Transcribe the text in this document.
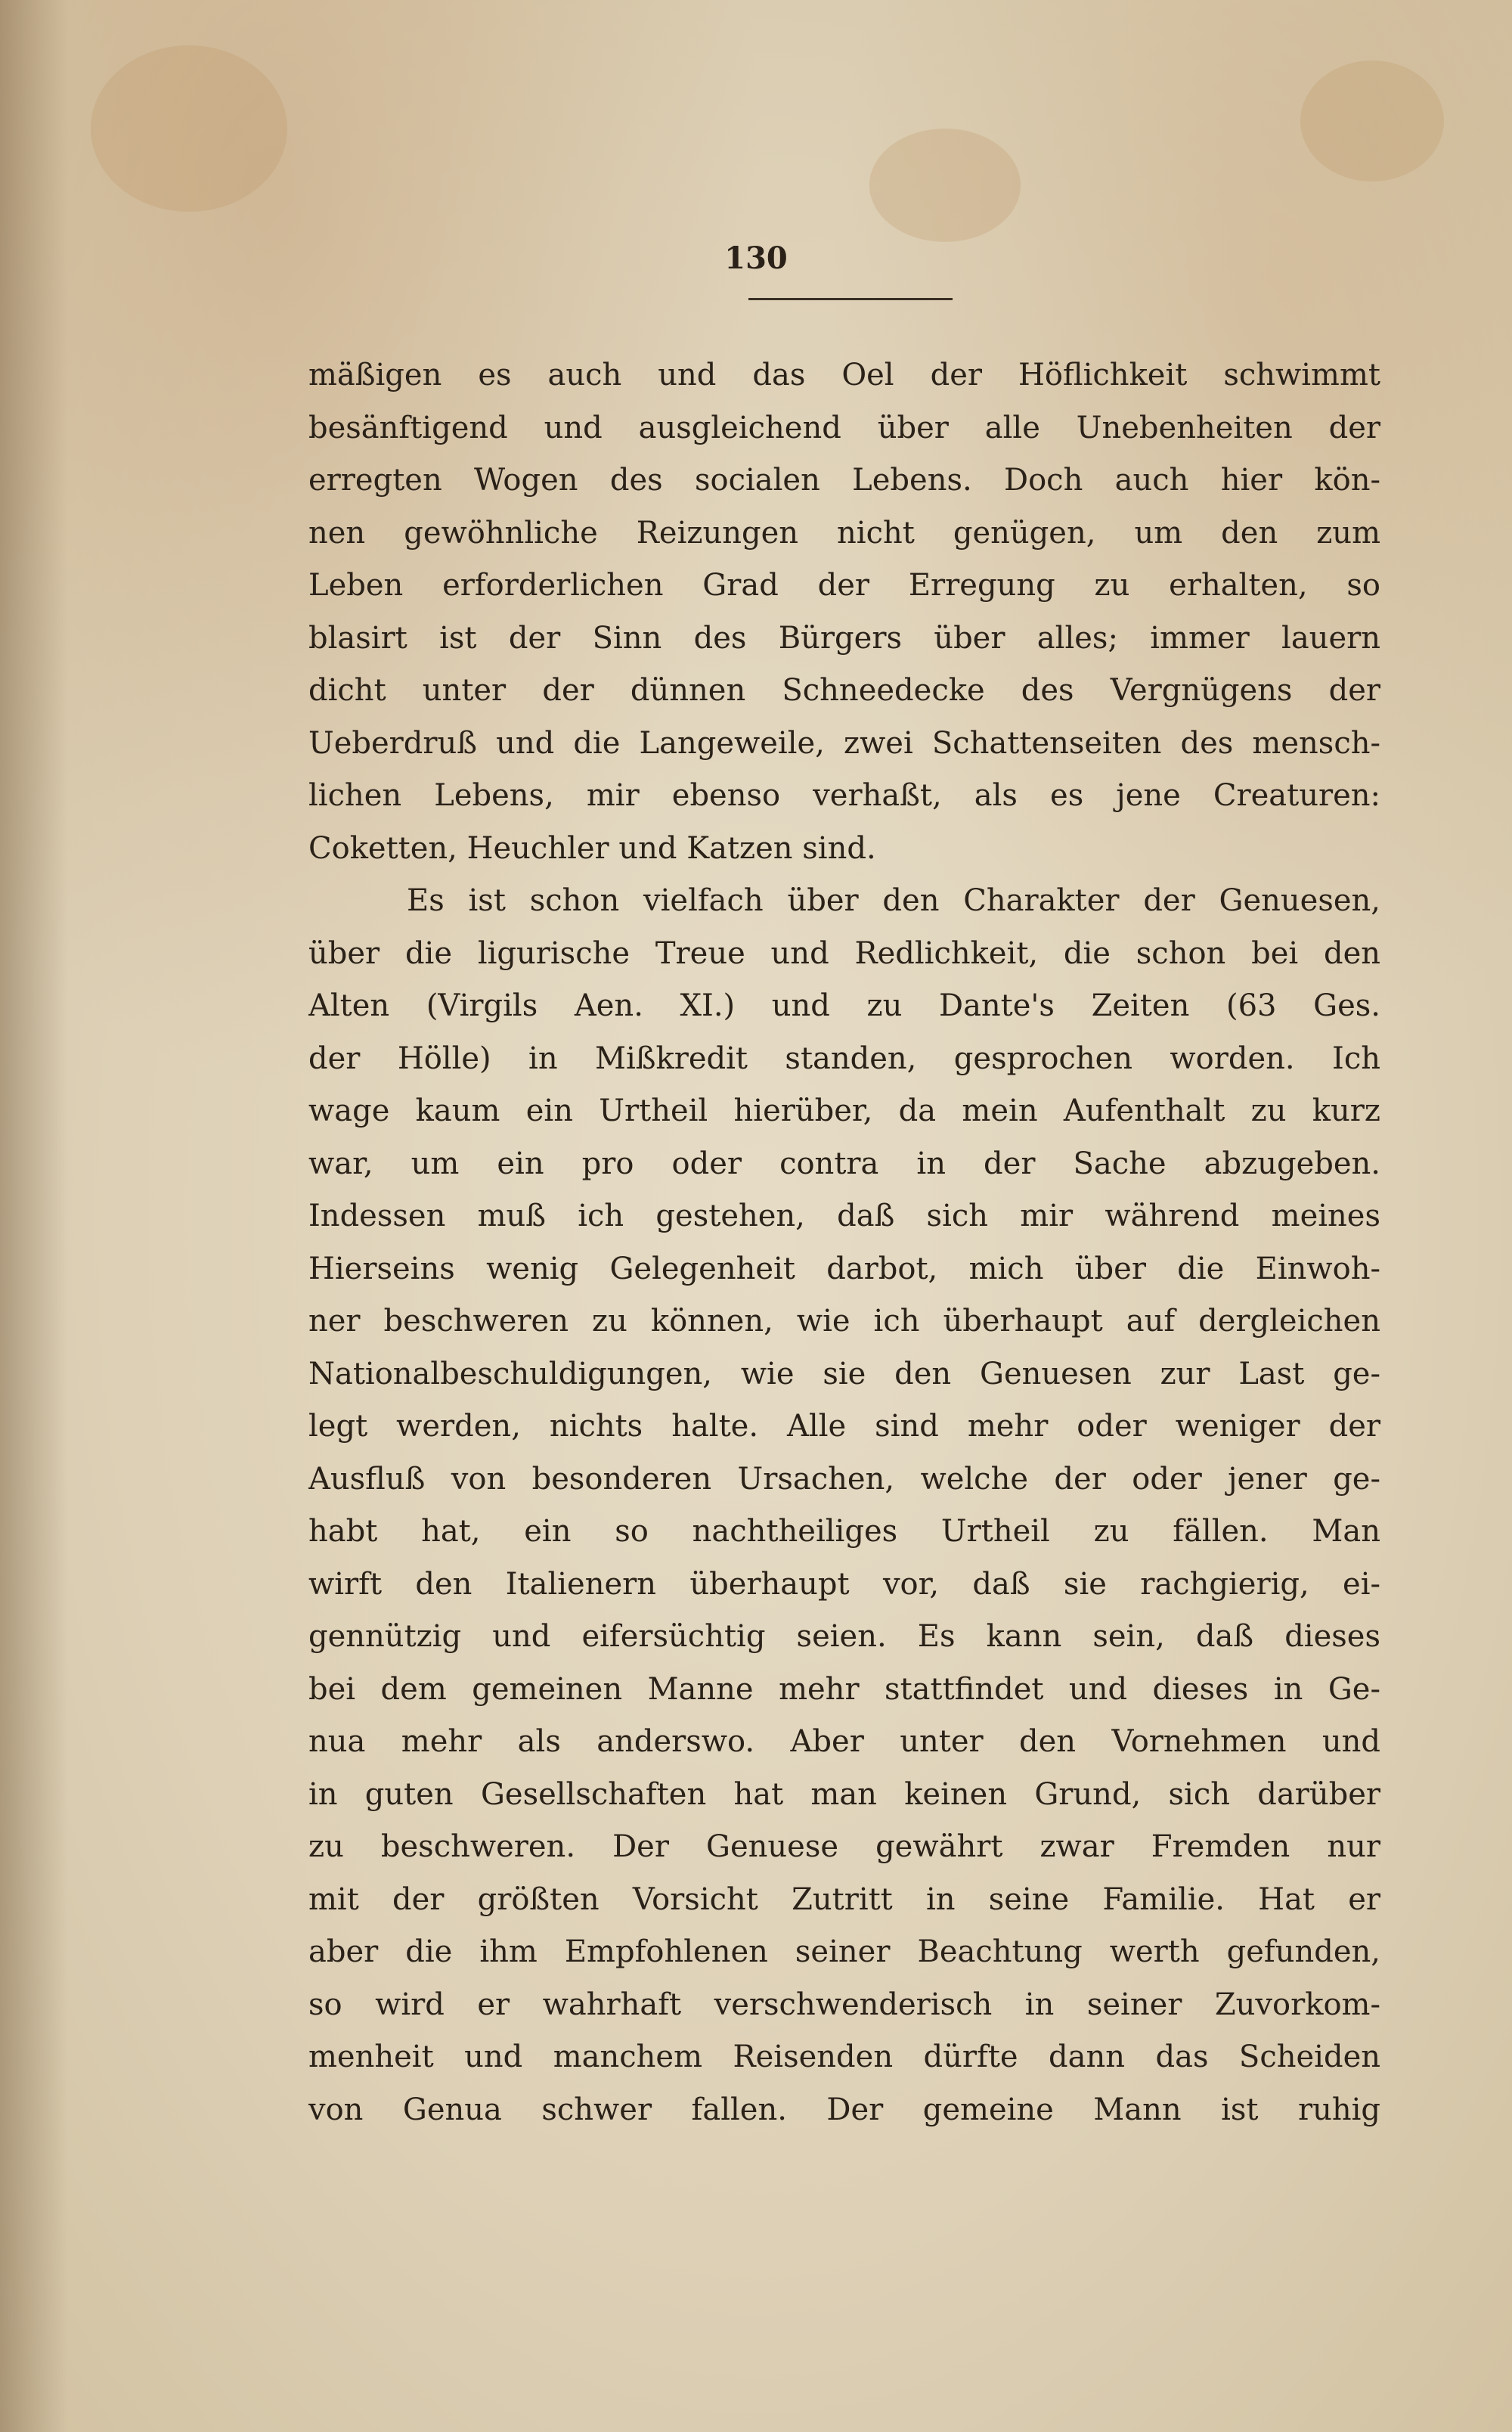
130
mäßigen es auch und das Oel der Höflichkeit schwimmt
besänftigend und ausgleichend über alle Unebenheiten der
erregten Wogen des socialen Lebens. Doch auch hier kön-
nen gewöhnliche Reizungen nicht genügen, um den zum
Leben erforderlichen Grad der Erregung zu erhalten, so
blasirt ist der Sinn des Bürgers über alles; immer lauern
dicht unter der dünnen Schneedecke des Vergnügens der
Ueberdruß und die Langeweile, zwei Schattenseiten des mensch-
lichen Lebens, mir ebenso verhaßt, als es jene Creaturen:
Coketten, Heuchler und Katzen sind.
Es ist schon vielfach über den Charakter der Genuesen,
über die ligurische Treue und Redlichkeit, die schon bei den
Alten (Virgils Aen. XI.) und zu Dante's Zeiten (63 Ges.
der Hölle) in Mißkredit standen, gesprochen worden. Ich
wage kaum ein Urtheil hierüber, da mein Aufenthalt zu kurz
war, um ein pro oder contra in der Sache abzugeben.
Indessen muß ich gestehen, daß sich mir während meines
Hierseins wenig Gelegenheit darbot, mich über die Einwoh-
ner beschweren zu können, wie ich überhaupt auf dergleichen
Nationalbeschuldigungen, wie sie den Genuesen zur Last ge-
legt werden, nichts halte. Alle sind mehr oder weniger der
Ausfluß von besonderen Ursachen, welche der oder jener ge-
habt hat, ein so nachtheiliges Urtheil zu fällen. Man
wirft den Italienern überhaupt vor, daß sie rachgierig, ei-
gennützig und eifersüchtig seien. Es kann sein, daß dieses
bei dem gemeinen Manne mehr stattfindet und dieses in Ge-
nua mehr als anderswo. Aber unter den Vornehmen und
in guten Gesellschaften hat man keinen Grund, sich darüber
zu beschweren. Der Genuese gewährt zwar Fremden nur
mit der größten Vorsicht Zutritt in seine Familie. Hat er
aber die ihm Empfohlenen seiner Beachtung werth gefunden,
so wird er wahrhaft verschwenderisch in seiner Zuvorkom-
menheit und manchem Reisenden dürfte dann das Scheiden
von Genua schwer fallen. Der gemeine Mann ist ruhig
